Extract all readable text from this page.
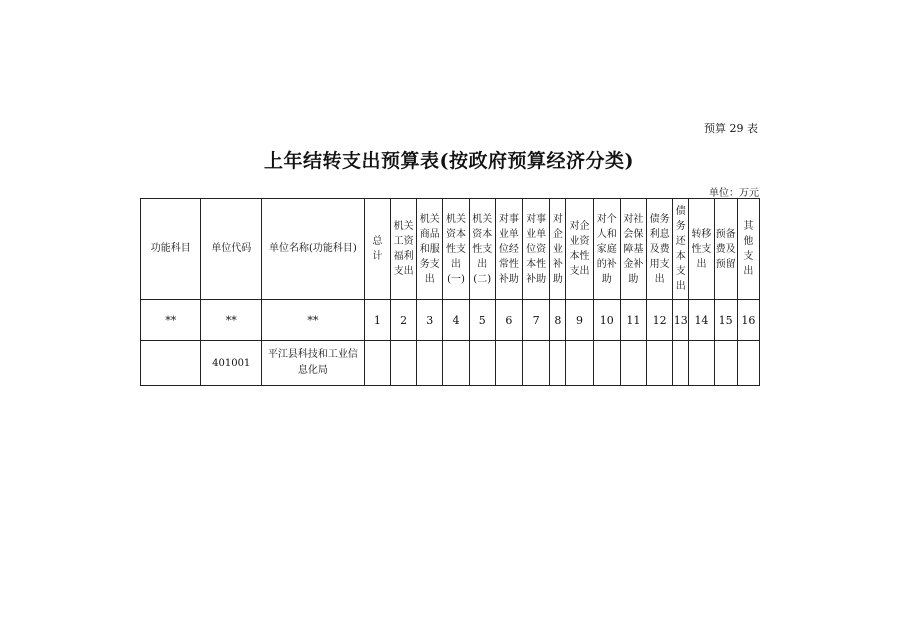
预算 29 表
上年结转支出预算表(按政府预算经济分类)
单位：万元
功能科目	单位代码	单位名称(功能科目)	总计	机关工资福利支出	机关商品和服务支出	机关资本性支出(一)	机关资本性支出(二)	对事业单位经常性补助	对事业单位资本性补助	对企业补助	对企业资本性支出	对个人和家庭的补助	对社会保障基金补助	债务利息及费用支出	债务还本支出	转移性支出	预备费及预留	其他支出
**	**	**	1	2	3	4	5	6	7	8	9	10	11	12	13	14	15	16
	401001	平江县科技和工业信息化局																
